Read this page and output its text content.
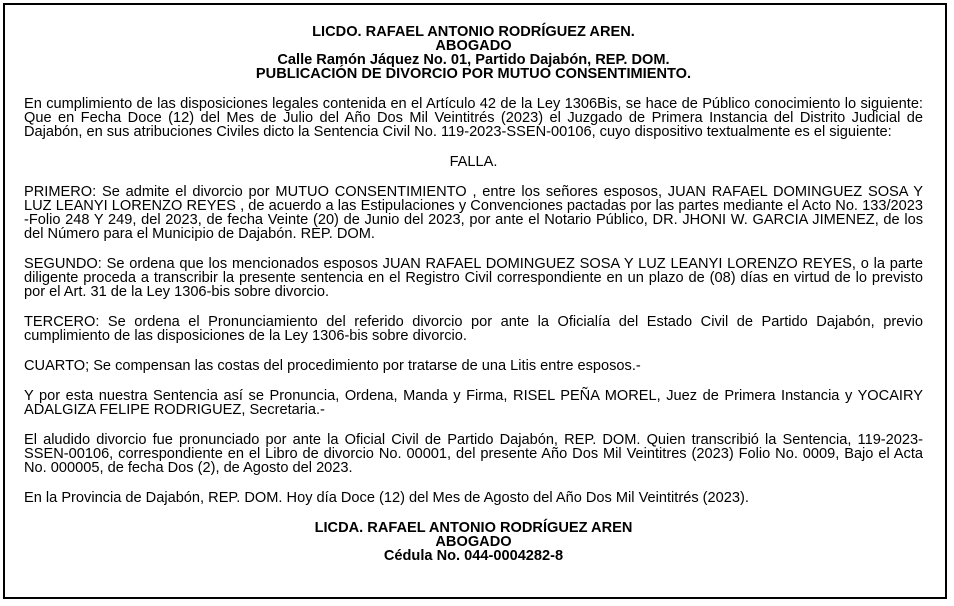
LICDO. RAFAEL ANTONIO RODRÍGUEZ AREN.
ABOGADO
Calle Ramón Jáquez No. 01, Partido Dajabón, REP. DOM.
PUBLICACIÓN DE DIVORCIO POR MUTUO CONSENTIMIENTO.

En cumplimiento de las disposiciones legales contenida en el Artículo 42 de la Ley 1306Bis, se hace de Público conocimiento lo siguiente: Que en Fecha Doce (12) del Mes de Julio del Año Dos Mil Veintitrés (2023) el Juzgado de Primera Instancia del Distrito Judicial de Dajabón, en sus atribuciones Civiles dicto la Sentencia Civil No. 119-2023-SSEN-00106, cuyo dispositivo textualmente es el siguiente:

FALLA.

PRIMERO: Se admite el divorcio por MUTUO CONSENTIMIENTO , entre los señores esposos, JUAN RAFAEL DOMINGUEZ SOSA Y LUZ LEANYI LORENZO REYES , de acuerdo a las Estipulaciones y Convenciones pactadas por las partes mediante el Acto No. 133/2023 -Folio 248 Y 249, del 2023, de fecha Veinte (20) de Junio del 2023, por ante el Notario Público, DR. JHONI W. GARCIA JIMENEZ, de los del Número para el Municipio de Dajabón. REP. DOM.

SEGUNDO: Se ordena que los mencionados esposos JUAN RAFAEL DOMINGUEZ SOSA Y LUZ LEANYI LORENZO REYES, o la parte diligente proceda a transcribir la presente sentencia en el Registro Civil correspondiente en un plazo de (08) días en virtud de lo previsto por el Art. 31 de la Ley 1306-bis sobre divorcio.

TERCERO: Se ordena el Pronunciamiento del referido divorcio por ante la Oficialía del Estado Civil de Partido Dajabón, previo cumplimiento de las disposiciones de la Ley 1306-bis sobre divorcio.

CUARTO; Se compensan las costas del procedimiento por tratarse de una Litis entre esposos.-

Y por esta nuestra Sentencia así se Pronuncia, Ordena, Manda y Firma, RISEL PEÑA MOREL, Juez de Primera Instancia y YOCAIRY ADALGIZA FELIPE RODRIGUEZ, Secretaria.-

El aludido divorcio fue pronunciado por ante la Oficial Civil de Partido Dajabón, REP. DOM. Quien transcribió la Sentencia, 119-2023-SSEN-00106, correspondiente en el Libro de divorcio No. 00001, del presente Año Dos Mil Veintitres (2023) Folio No. 0009, Bajo el Acta No. 000005, de fecha Dos (2), de Agosto del 2023.

En la Provincia de Dajabón, REP. DOM. Hoy día Doce (12) del Mes de Agosto del Año Dos Mil Veintitrés (2023).

LICDA. RAFAEL ANTONIO RODRÍGUEZ AREN
ABOGADO
Cédula No. 044-0004282-8
